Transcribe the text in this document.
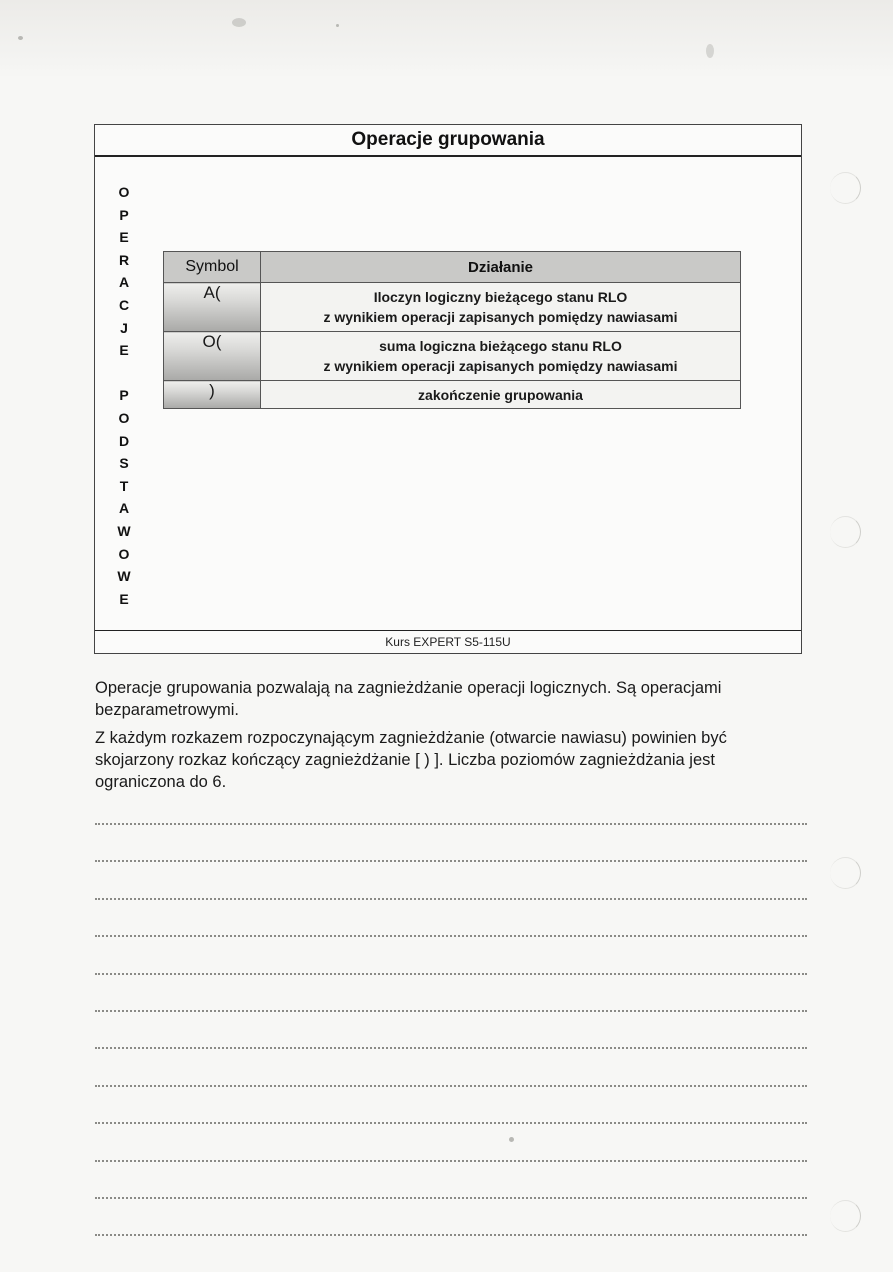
Operacje grupowania
O
P
E
R
A
C
J
E
P
O
D
S
T
A
W
O
W
E
Symbol	Działanie
A(	Iloczyn logiczny bieżącego stanu RLO
z wynikiem operacji zapisanych pomiędzy nawiasami

O(	suma logiczna bieżącego stanu RLO
z wynikiem operacji zapisanych pomiędzy nawiasami

)	zakończenie grupowania
Kurs EXPERT S5-115U

Operacje grupowania pozwalają na zagnieżdżanie operacji logicznych. Są operacjami bezparametrowymi.

Z każdym rozkazem rozpoczynającym zagnieżdżanie (otwarcie nawiasu) powinien być skojarzony rozkaz kończący zagnieżdżanie [ ) ]. Liczba poziomów zagnieżdżania jest ograniczona do 6.
